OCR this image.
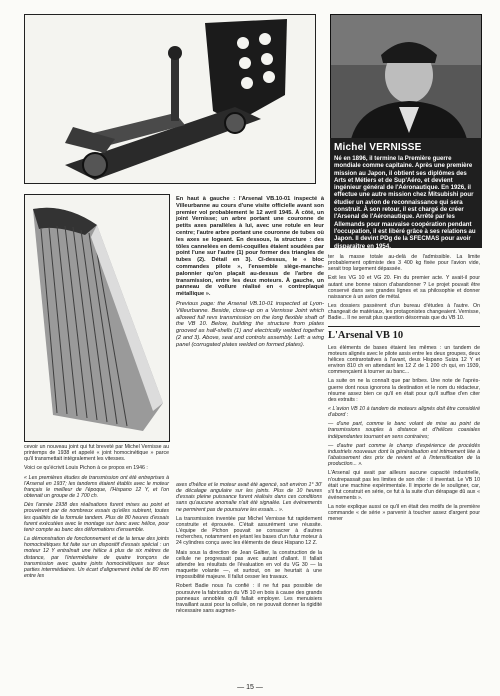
Michel VERNISSE
Né en 1896, il termine la Première guerre mondiale comme capitaine. Après une première mission au Japon, il obtient ses diplômes des Arts et Métiers et de Sup'Aéro, et devient ingénieur général de l'Aéronautique. En 1926, il effectue une autre mission chez Mitsubishi pour étudier un avion de reconnaissance qui sera construit. À son retour, il est chargé de créer l'Arsenal de l'Aéronautique. Arrêté par les Allemands pour mauvaise coopération pendant l'occupation, il est libéré grâce à ses relations au Japon. Il devint PDg de la SFECMAS pour avoir disparaître en 1954.

En haut à gauche : l'Arsenal VB.10-01 inspecté à Villeurbanne au cours d'une visite officielle avant son premier vol probablement le 12 avril 1945. À côté, un joint Vernisse; un arbre portant une couronne de petits axes parallèles à lui, avec une rotule en leur centre; l'autre arbre portant une couronne de tubes où les axes se logeant. En dessous, la structure : des tôles cannelées en demi-coquilles étaient soudées par point l'une sur l'autre (1) pour former des triangles de tubes (2). Détail en 3). Ci-dessus, le « bloc commandes pilote », l'ensemble siège-manche-palonnier qu'on plaçait au-dessus de l'arbre de transmission, entre les deux moteurs. À gauche, un panneau de voilure réalisé en « contreplaqué métallique ».

Previous page: the Arsenal VB.10-01 inspected at Lyon-Villeurbanne. Beside, close-up on a Vernisse Joint which allowed full revs transmission on the long flexible shaft of the VB 10. Below, building the structure from plates grooved as half-shells (1) and electrically welded together (2 and 3). Above, seat and controls assembly. Left: a wing panel (corrugated plates welded on formed plates).

cevoir un nouveau joint qui fut breveté par Michel Vernisse au printemps de 1938 et appelé « joint homocinétique » parce qu'il transmettait intégralement les vitesses.

Voici ce qu'écrivit Louis Pichon à ce propos en 1946 :

« Les premières études de transmission ont été entreprises à l'Arsenal en 1937; les tandems étaient établis avec le moteur français le meilleur de l'époque, l'Hispano 12 Y, et l'on obtenait un groupe de 1 700 ch.

Dès l'année 1938 des réalisations furent mises au point et prouvèrent par de nombreux essais qu'elles subirent, toutes les qualités de la formule tandem. Plus de 80 heures d'essais furent exécutées avec le montage sur banc avec hélice, pour tenir compte au banc des déformations d'ensemble.

La démonstration de fonctionnement et de la tenue des joints homocinétiques fut faite sur un dispositif d'essais spécial : un moteur 12 Y entraînait une hélice à plus de six mètres de distance, par l'intermédiaire de quatre tronçons de transmission avec quatre joints homocinétiques sur deux parties intermédiaires. Un écart d'alignement initial de 80 mm entre les

axes d'hélice et le moteur avait été agencé, soit environ 1° 30' de décalage angulaire sur les joints. Plus de 10 heures d'essais pleine puissance furent réalisés dans ces conditions sans qu'aucune anomalie n'ait été signalée. Les événements ne permirent pas de poursuivre les essais... ».

La transmission inventée par Michel Vernisse fut rapidement construite et éprouvée. C'était assurément une réussite. L'équipe de Pichon pouvait se consacrer à d'autres recherches, notamment en jetant les bases d'un futur moteur à 24 cylindres conçu avec les éléments de deux Hispano 12 Z.

Mais sous la direction de Jean Galtier, la construction de la cellule ne progressait pas avec autant d'allant. Il fallait attendre les résultats de l'évaluation en vol du VG 30 — la maquette volante —, et surtout, on se heurtait à une impossibilité majeure. Il fallut cesser les travaux.

Robert Badie nous l'a confié : il ne fut pas possible de poursuivre la fabrication du VB 10 en bois à cause des grands panneaux annoblés qu'il fallait employer. Les menuisiers travaillant aussi pour la cellule, on ne pouvait donner la rigidité nécessaire sans augmen-

ter la masse totale au-delà de l'admissible. La limite probablement optimiste des 3 400 kg fixée pour l'avion vide, serait trop largement dépassée.

Exit les VG 10 et VG 20. Fin du premier acte. Y avait-il pour autant une bonne raison d'abandonner ? Le projet pouvait être conservé dans ses grandes lignes et sa philosophie et donner naissance à un avion de métal.

Les dossiers passèrent d'un bureau d'études à l'autre. On changeait de matériaux, les protagonistes changeaient. Vernisse, Badie... Il ne serait plus question désormais que du VB 10.

L'Arsenal VB 10

Les éléments de bases étaient les mêmes : un tandem de moteurs alignés avec le pilote assis entre les deux groupes, deux hélices contrarotatives à l'avant, deux Hispano Suiza 12 Y et environ 810 ch en attendant les 12 Z de 1 200 ch qui, en 1939, commençaient à tourner au banc...

La suite on ne la connaît que par bribes. Une note de l'après-guerre dont nous ignorons la destination et le nom du rédacteur, résume assez bien ce qu'il en était pour qu'il suffise d'en citer des extraits :

« L'avion VB 10 à tandem de moteurs alignés doit être considéré d'abord :

— d'une part, comme le banc volant de mise au point de transmissions souples à distance et d'hélices coaxiales indépendantes tournant en sens contraires;

— d'autre part comme le champ d'expérience de procédés industriels nouveaux dont la généralisation est intimement liée à l'abaissement des prix de revient et à l'intensification de la production... ».

L'Arsenal qui avait par ailleurs aucune capacité industrielle, n'outrepassait pas les limites de son rôle : il inventait. Le VB 10 était une machine expérimentale. Il importe de le souligner, car, s'il fut construit en série, ce fut à la suite d'un dérapage dû aux « événements ».

La note explique aussi ce qu'il en était des motifs de la première commande « de série » parvenir à toucher assez d'argent pour mener

— 15 —
